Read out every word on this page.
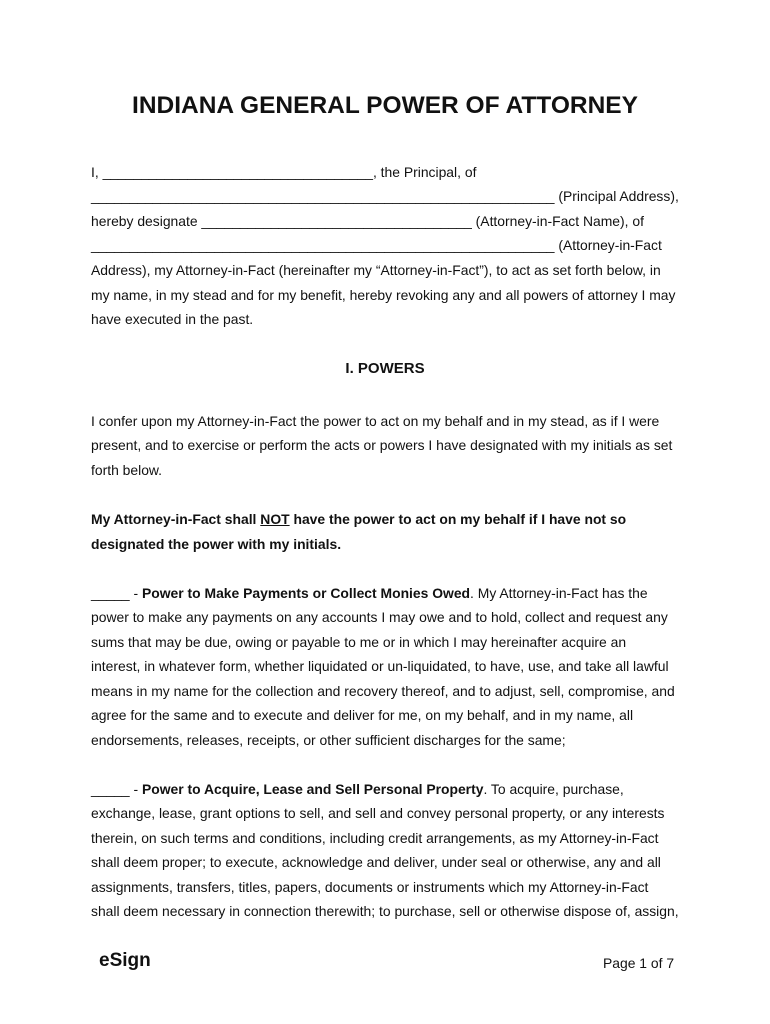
INDIANA GENERAL POWER OF ATTORNEY
I, ___________________________________, the Principal, of
____________________________________________________________ (Principal Address),
hereby designate ___________________________________ (Attorney-in-Fact Name), of
____________________________________________________________ (Attorney-in-Fact
Address), my Attorney-in-Fact (hereinafter my “Attorney-in-Fact”), to act as set forth below, in
my name, in my stead and for my benefit, hereby revoking any and all powers of attorney I may
have executed in the past.
I. POWERS
I confer upon my Attorney-in-Fact the power to act on my behalf and in my stead, as if I were
present, and to exercise or perform the acts or powers I have designated with my initials as set
forth below.
My Attorney-in-Fact shall NOT have the power to act on my behalf if I have not so
designated the power with my initials.
_____ - Power to Make Payments or Collect Monies Owed. My Attorney-in-Fact has the
power to make any payments on any accounts I may owe and to hold, collect and request any
sums that may be due, owing or payable to me or in which I may hereinafter acquire an
interest, in whatever form, whether liquidated or un-liquidated, to have, use, and take all lawful
means in my name for the collection and recovery thereof, and to adjust, sell, compromise, and
agree for the same and to execute and deliver for me, on my behalf, and in my name, all
endorsements, releases, receipts, or other sufficient discharges for the same;
_____ - Power to Acquire, Lease and Sell Personal Property. To acquire, purchase,
exchange, lease, grant options to sell, and sell and convey personal property, or any interests
therein, on such terms and conditions, including credit arrangements, as my Attorney-in-Fact
shall deem proper; to execute, acknowledge and deliver, under seal or otherwise, any and all
assignments, transfers, titles, papers, documents or instruments which my Attorney-in-Fact
shall deem necessary in connection therewith; to purchase, sell or otherwise dispose of, assign,
eSign	Page 1 of 7
